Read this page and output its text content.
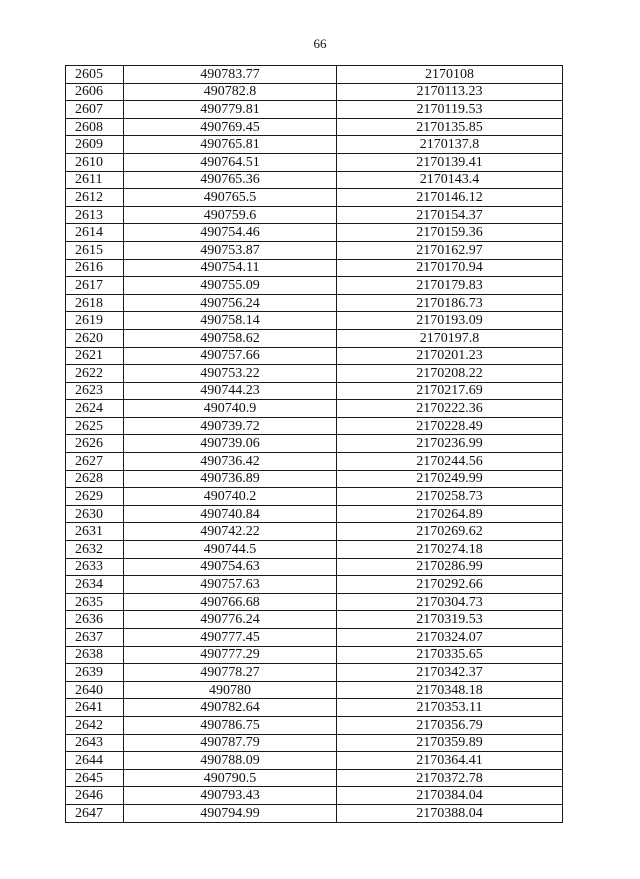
66
2605	490783.77	2170108
2606	490782.8	2170113.23
2607	490779.81	2170119.53
2608	490769.45	2170135.85
2609	490765.81	2170137.8
2610	490764.51	2170139.41
2611	490765.36	2170143.4
2612	490765.5	2170146.12
2613	490759.6	2170154.37
2614	490754.46	2170159.36
2615	490753.87	2170162.97
2616	490754.11	2170170.94
2617	490755.09	2170179.83
2618	490756.24	2170186.73
2619	490758.14	2170193.09
2620	490758.62	2170197.8
2621	490757.66	2170201.23
2622	490753.22	2170208.22
2623	490744.23	2170217.69
2624	490740.9	2170222.36
2625	490739.72	2170228.49
2626	490739.06	2170236.99
2627	490736.42	2170244.56
2628	490736.89	2170249.99
2629	490740.2	2170258.73
2630	490740.84	2170264.89
2631	490742.22	2170269.62
2632	490744.5	2170274.18
2633	490754.63	2170286.99
2634	490757.63	2170292.66
2635	490766.68	2170304.73
2636	490776.24	2170319.53
2637	490777.45	2170324.07
2638	490777.29	2170335.65
2639	490778.27	2170342.37
2640	490780	2170348.18
2641	490782.64	2170353.11
2642	490786.75	2170356.79
2643	490787.79	2170359.89
2644	490788.09	2170364.41
2645	490790.5	2170372.78
2646	490793.43	2170384.04
2647	490794.99	2170388.04
